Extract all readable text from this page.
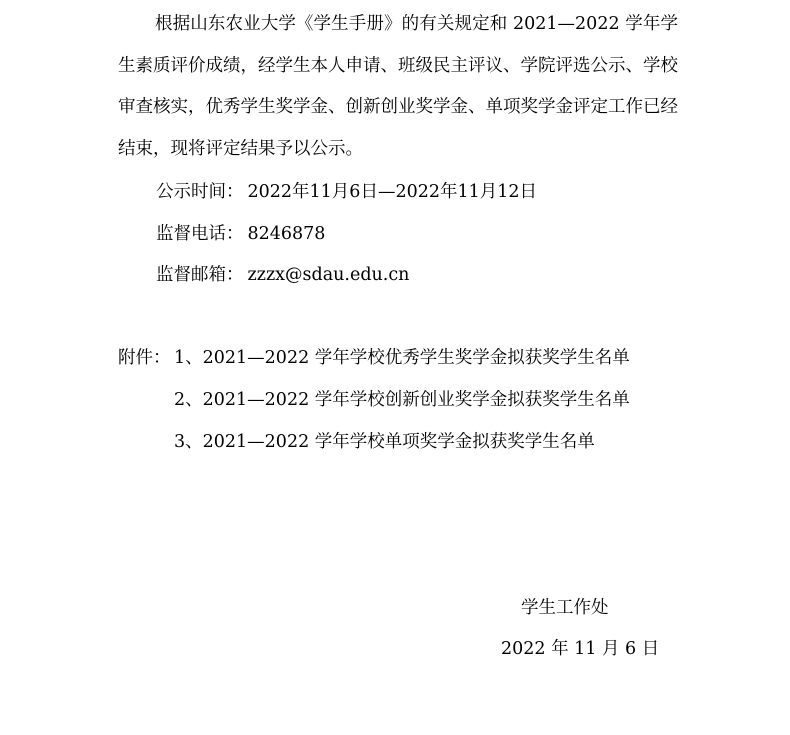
根据山东农业大学《学生手册》的有关规定和 2021—2022 学年学生素质评价成绩，经学生本人申请、班级民主评议、学院评选公示、学校审查核实，优秀学生奖学金、创新创业奖学金、单项奖学金评定工作已经结束，现将评定结果予以公示。
公示时间： 2022年11月6日—2022年11月12日
监督电话： 8246878
监督邮箱： zzzx@sdau.edu.cn
附件： 1、2021—2022 学年学校优秀学生奖学金拟获奖学生名单
2、2021—2022 学年学校创新创业奖学金拟获奖学生名单
3、2021—2022 学年学校单项奖学金拟获奖学生名单
学生工作处
2022 年 11 月 6 日
